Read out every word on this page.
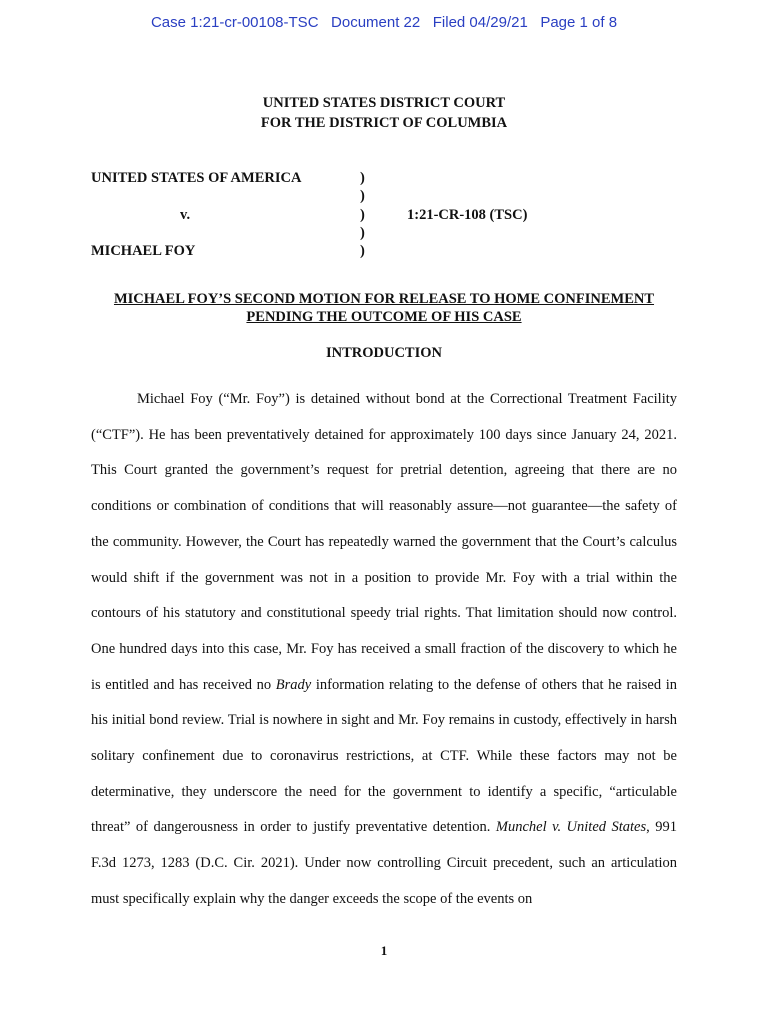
Case 1:21-cr-00108-TSC   Document 22   Filed 04/29/21   Page 1 of 8
UNITED STATES DISTRICT COURT
FOR THE DISTRICT OF COLUMBIA
UNITED STATES OF AMERICA
v.
MICHAEL FOY
)
)
)
)
)
1:21-CR-108 (TSC)
MICHAEL FOY’S SECOND MOTION FOR RELEASE TO HOME CONFINEMENT
PENDING THE OUTCOME OF HIS CASE
INTRODUCTION

Michael Foy (“Mr. Foy”) is detained without bond at the Correctional Treatment Facility (“CTF”). He has been preventatively detained for approximately 100 days since January 24, 2021. This Court granted the government’s request for pretrial detention, agreeing that there are no conditions or combination of conditions that will reasonably assure—not guarantee—the safety of the community. However, the Court has repeatedly warned the government that the Court’s calculus would shift if the government was not in a position to provide Mr. Foy with a trial within the contours of his statutory and constitutional speedy trial rights. That limitation should now control. One hundred days into this case, Mr. Foy has received a small fraction of the discovery to which he is entitled and has received no Brady information relating to the defense of others that he raised in his initial bond review. Trial is nowhere in sight and Mr. Foy remains in custody, effectively in harsh solitary confinement due to coronavirus restrictions, at CTF. While these factors may not be determinative, they underscore the need for the government to identify a specific, “articulable threat” of dangerousness in order to justify preventative detention. Munchel v. United States, 991 F.3d 1273, 1283 (D.C. Cir. 2021). Under now controlling Circuit precedent, such an articulation must specifically explain why the danger exceeds the scope of the events on

1
